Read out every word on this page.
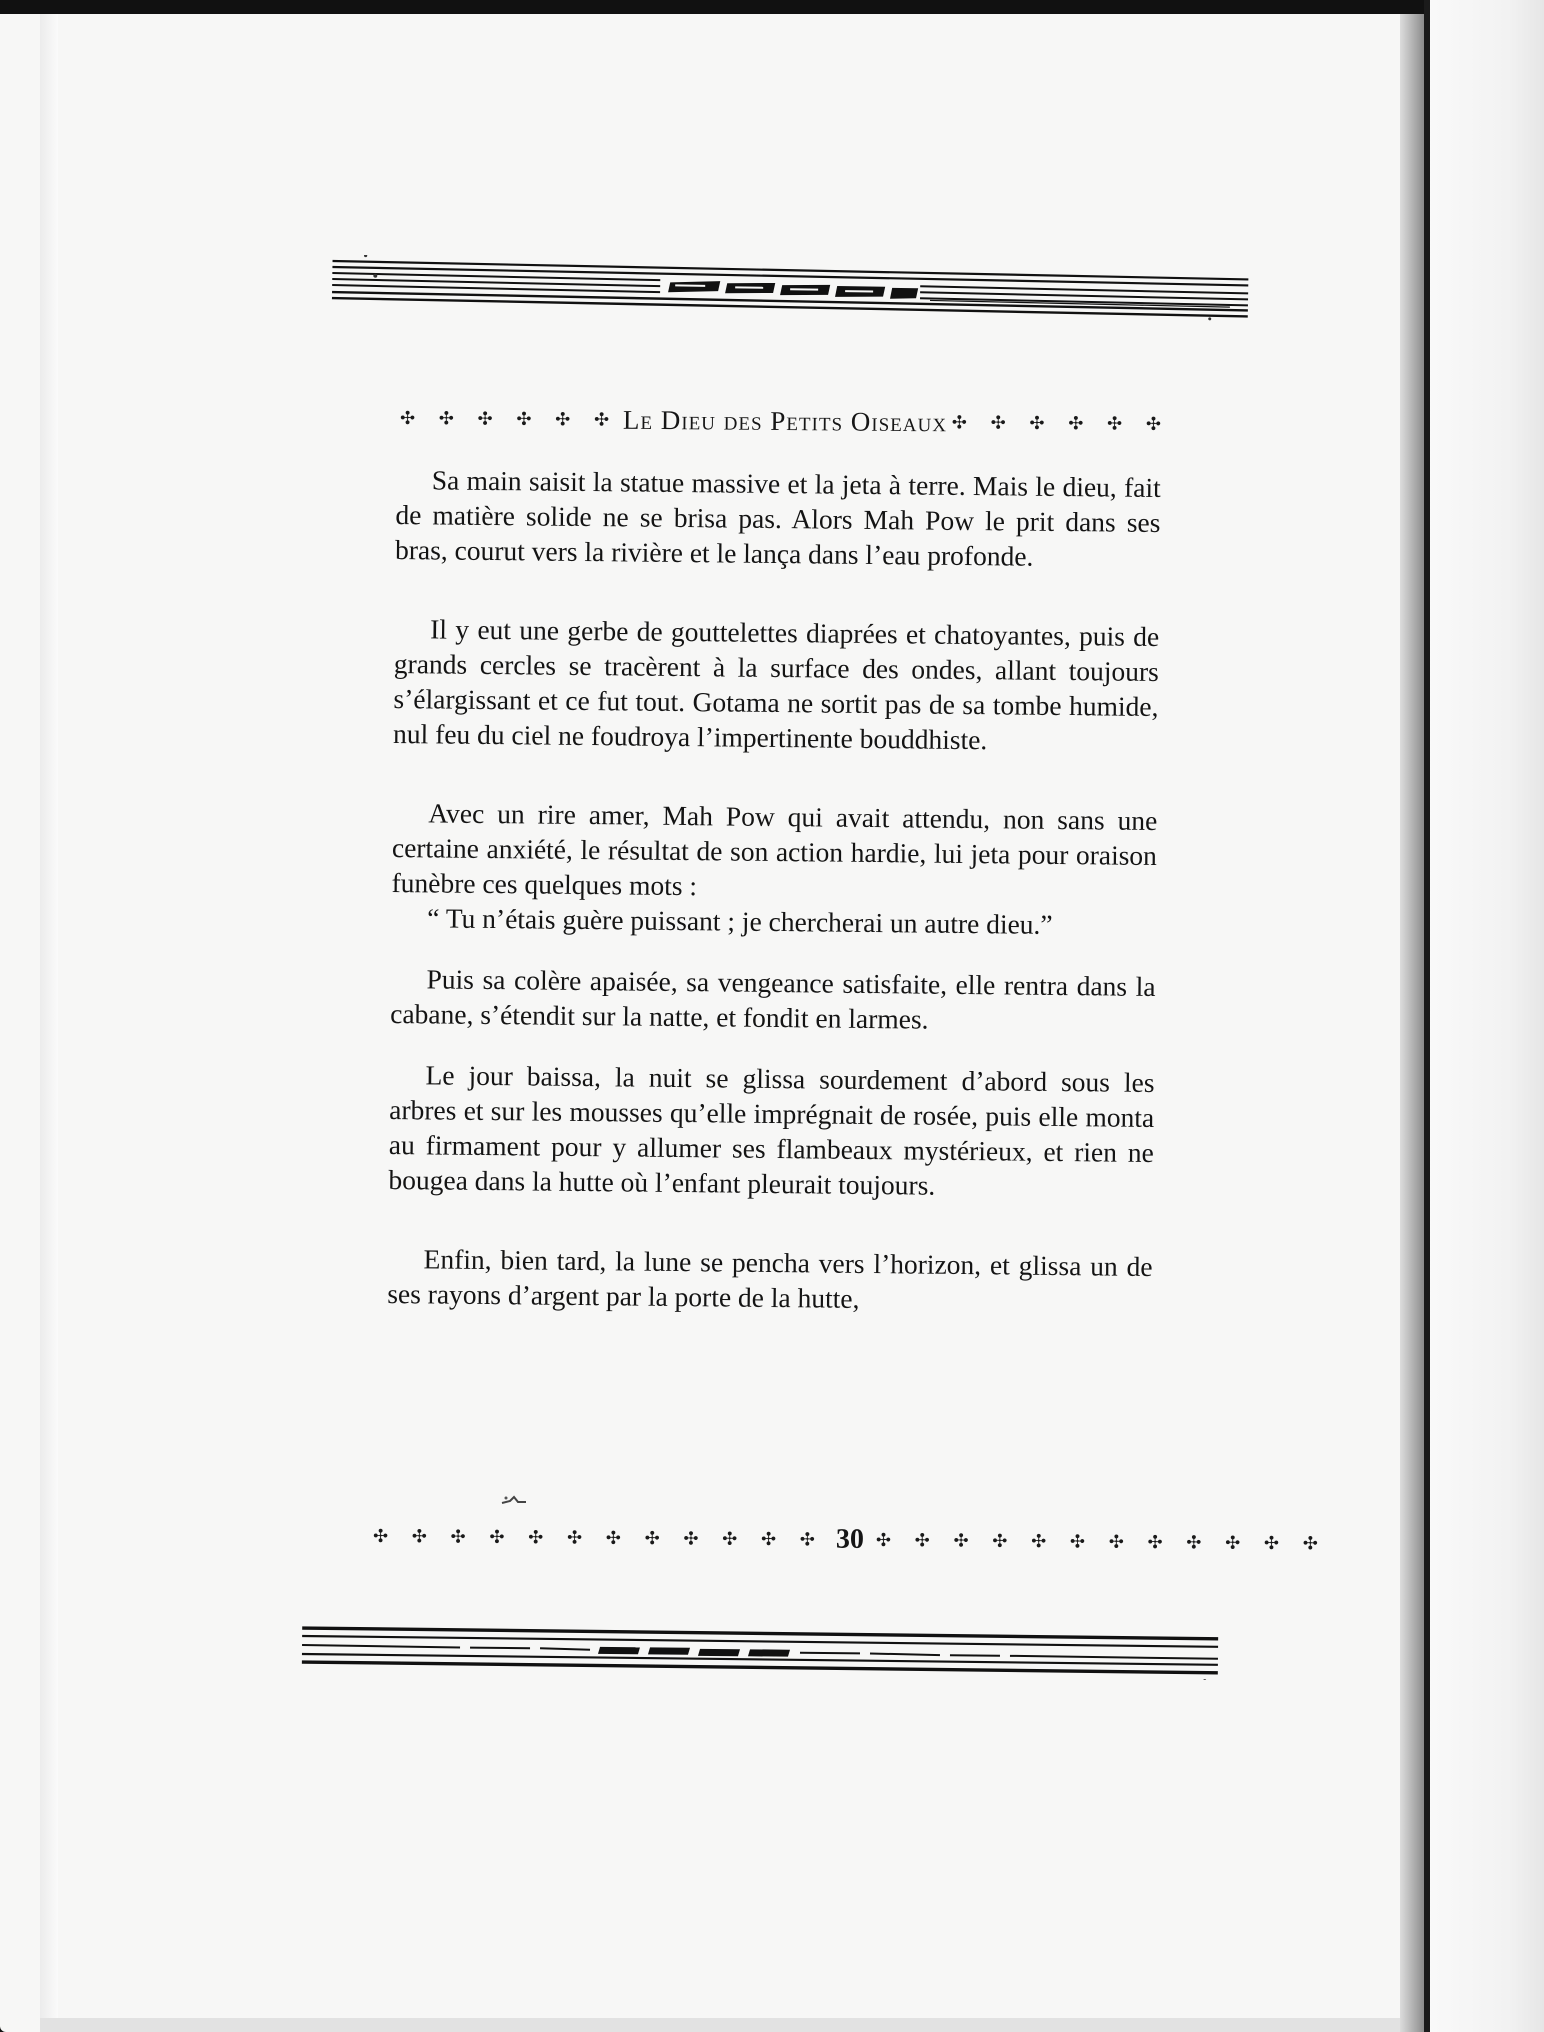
✣ ✣ ✣ ✣ ✣ ✣ Le Dieu des Petits Oiseaux ✣ ✣ ✣ ✣ ✣ ✣

Sa main saisit la statue massive et la jeta à terre. Mais le dieu, fait de matière solide ne se brisa pas. Alors Mah Pow le prit dans ses bras, courut vers la rivière et le lança dans l’eau profonde.

Il y eut une gerbe de gouttelettes diaprées et chatoyantes, puis de grands cercles se tracèrent à la surface des ondes, allant toujours s’élargissant et ce fut tout. Gotama ne sortit pas de sa tombe humide, nul feu du ciel ne foudroya l’impertinente bouddhiste.

Avec un rire amer, Mah Pow qui avait attendu, non sans une certaine anxiété, le résultat de son action hardie, lui jeta pour oraison funèbre ces quelques mots :

“ Tu n’étais guère puissant ; je chercherai un autre dieu.”

Puis sa colère apaisée, sa vengeance satisfaite, elle rentra dans la cabane, s’étendit sur la natte, et fondit en larmes.

Le jour baissa, la nuit se glissa sourdement d’abord sous les arbres et sur les mousses qu’elle imprégnait de rosée, puis elle monta au firmament pour y allumer ses flambeaux mystérieux, et rien ne bougea dans la hutte où l’enfant pleurait toujours.

Enfin, bien tard, la lune se pencha vers l’horizon, et glissa un de ses rayons d’argent par la porte de la hutte,

✣ ✣ ✣ ✣ ✣ ✣ ✣ ✣ ✣ ✣ ✣ ✣ 30 ✣ ✣ ✣ ✣ ✣ ✣ ✣ ✣ ✣ ✣ ✣ ✣
